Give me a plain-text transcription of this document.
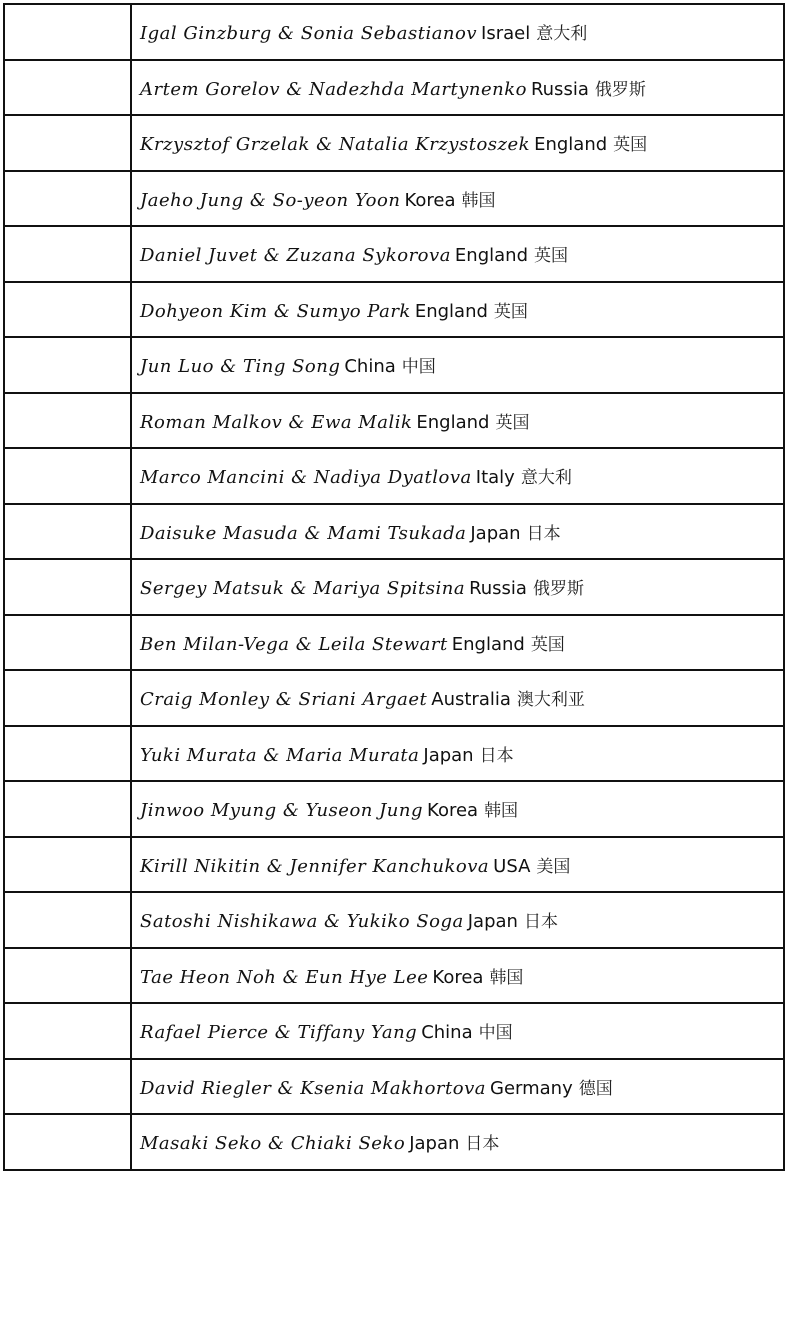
	Igal Ginzburg & Sonia Sebastianov Israel 意大利
	Artem Gorelov & Nadezhda Martynenko Russia 俄罗斯
	Krzysztof Grzelak & Natalia Krzystoszek England 英国
	Jaeho Jung & So-yeon Yoon Korea 韩国
	Daniel Juvet & Zuzana Sykorova England 英国
	Dohyeon Kim & Sumyo Park England 英国
	Jun Luo & Ting Song China 中国
	Roman Malkov & Ewa Malik England 英国
	Marco Mancini & Nadiya Dyatlova Italy 意大利
	Daisuke Masuda & Mami Tsukada Japan 日本
	Sergey Matsuk & Mariya Spitsina Russia 俄罗斯
	Ben Milan-Vega & Leila Stewart England 英国
	Craig Monley & Sriani Argaet Australia 澳大利亚
	Yuki Murata & Maria Murata Japan 日本
	Jinwoo Myung & Yuseon Jung Korea 韩国
	Kirill Nikitin & Jennifer Kanchukova USA 美国
	Satoshi Nishikawa & Yukiko Soga Japan 日本
	Tae Heon Noh & Eun Hye Lee Korea 韩国
	Rafael Pierce & Tiffany Yang China 中国
	David Riegler & Ksenia Makhortova Germany 德国
	Masaki Seko & Chiaki Seko Japan 日本
